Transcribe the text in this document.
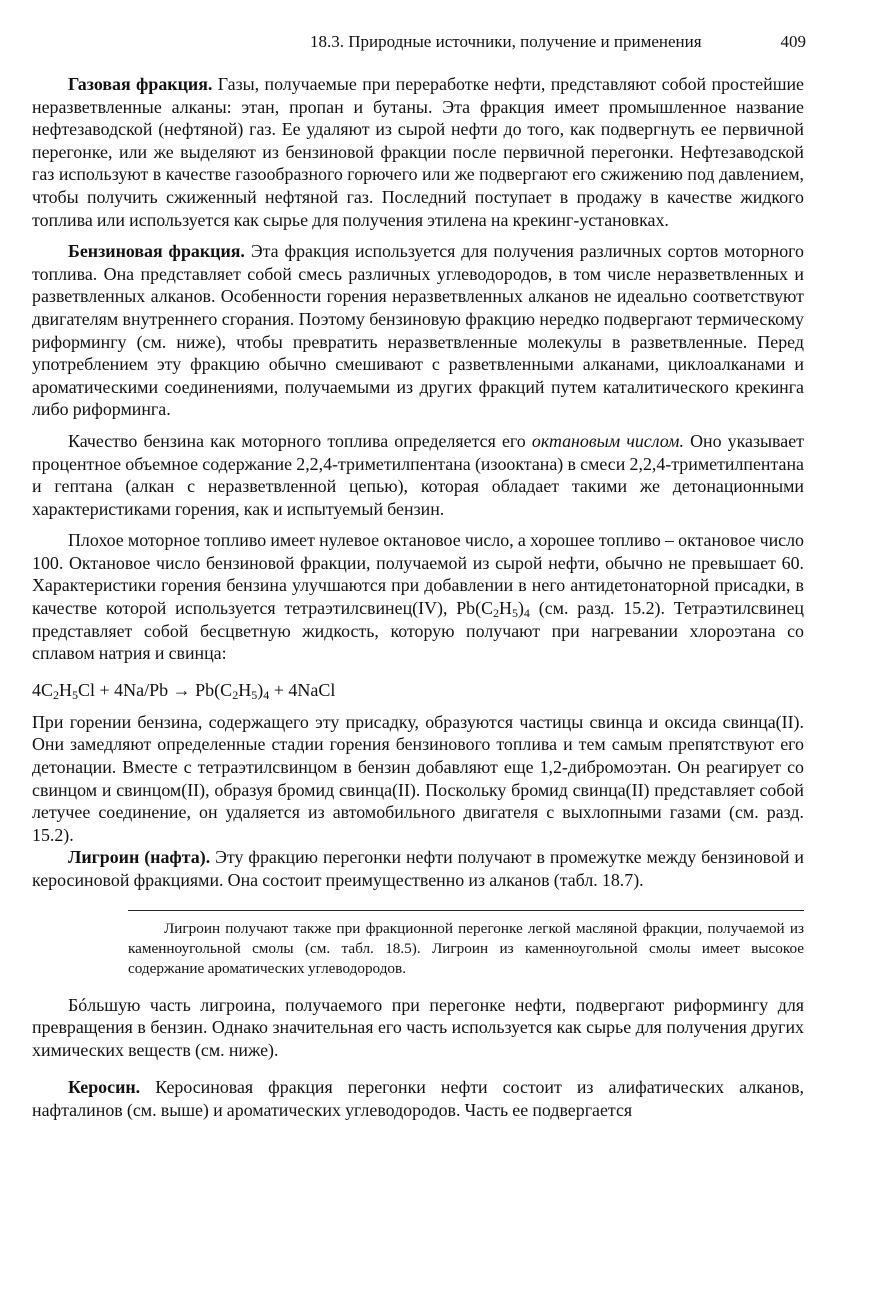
18.3. Природные источники, получение и применения	409

Газовая фракция. Газы, получаемые при переработке нефти, представляют собой простейшие неразветвленные алканы: этан, пропан и бутаны. Эта фракция имеет промышленное название нефтезаводской (нефтяной) газ. Ее удаляют из сырой нефти до того, как подвергнуть ее первичной перегонке, или же выделяют из бензиновой фракции после первичной перегонки. Нефтезаводской газ используют в качестве газообразного горючего или же подвергают его сжижению под давлением, чтобы получить сжиженный нефтяной газ. Последний поступает в продажу в качестве жидкого топлива или используется как сырье для получения этилена на крекинг-установках.

Бензиновая фракция. Эта фракция используется для получения различных сортов моторного топлива. Она представляет собой смесь различных углеводородов, в том числе неразветвленных и разветвленных алканов. Особенности горения неразветвленных алканов не идеально соответствуют двигателям внутреннего сгорания. Поэтому бензиновую фракцию нередко подвергают термическому риформингу (см. ниже), чтобы превратить неразветвленные молекулы в разветвленные. Перед употреблением эту фракцию обычно смешивают с разветвленными алканами, циклоалканами и ароматическими соединениями, получаемыми из других фракций путем каталитического крекинга либо риформинга.

Качество бензина как моторного топлива определяется его октановым числом. Оно указывает процентное объемное содержание 2,2,4-триметилпентана (изооктана) в смеси 2,2,4-триметилпентана и гептана (алкан с неразветвленной цепью), которая обладает такими же детонационными характеристиками горения, как и испытуемый бензин.

Плохое моторное топливо имеет нулевое октановое число, а хорошее топливо – октановое число 100. Октановое число бензиновой фракции, получаемой из сырой нефти, обычно не превышает 60. Характеристики горения бензина улучшаются при добавлении в него антидетонаторной присадки, в качестве которой используется тетраэтилсвинец(IV), $Pb(C_2H_5)_4$ (см. разд. 15.2). Тетраэтилсвинец представляет собой бесцветную жидкость, которую получают при нагревании хлороэтана со сплавом натрия и свинца:

$4C_2H_5Cl + 4Na/Pb \to Pb(C_2H_5)_4$ + 4NaCl

При горении бензина, содержащего эту присадку, образуются частицы свинца и оксида свинца(II). Они замедляют определенные стадии горения бензинового топлива и тем самым препятствуют его детонации. Вместе с тетраэтилсвинцом в бензин добавляют еще 1,2-дибромоэтан. Он реагирует со свинцом и свинцом(II), образуя бромид свинца(II). Поскольку бромид свинца(II) представляет собой летучее соединение, он удаляется из автомобильного двигателя с выхлопными газами (см. разд. 15.2).

Лигроин (нафта). Эту фракцию перегонки нефти получают в промежутке между бензиновой и керосиновой фракциями. Она состоит преимущественно из алканов (табл. 18.7).

Лигроин получают также при фракционной перегонке легкой масляной фракции, получаемой из каменноугольной смолы (см. табл. 18.5). Лигроин из каменноугольной смолы имеет высокое содержание ароматических углеводородов.

Бóльшую часть лигроина, получаемого при перегонке нефти, подвергают риформингу для превращения в бензин. Однако значительная его часть используется как сырье для получения других химических веществ (см. ниже).

Керосин. Керосиновая фракция перегонки нефти состоит из алифатических алканов, нафталинов (см. выше) и ароматических углеводородов. Часть ее подвергается
